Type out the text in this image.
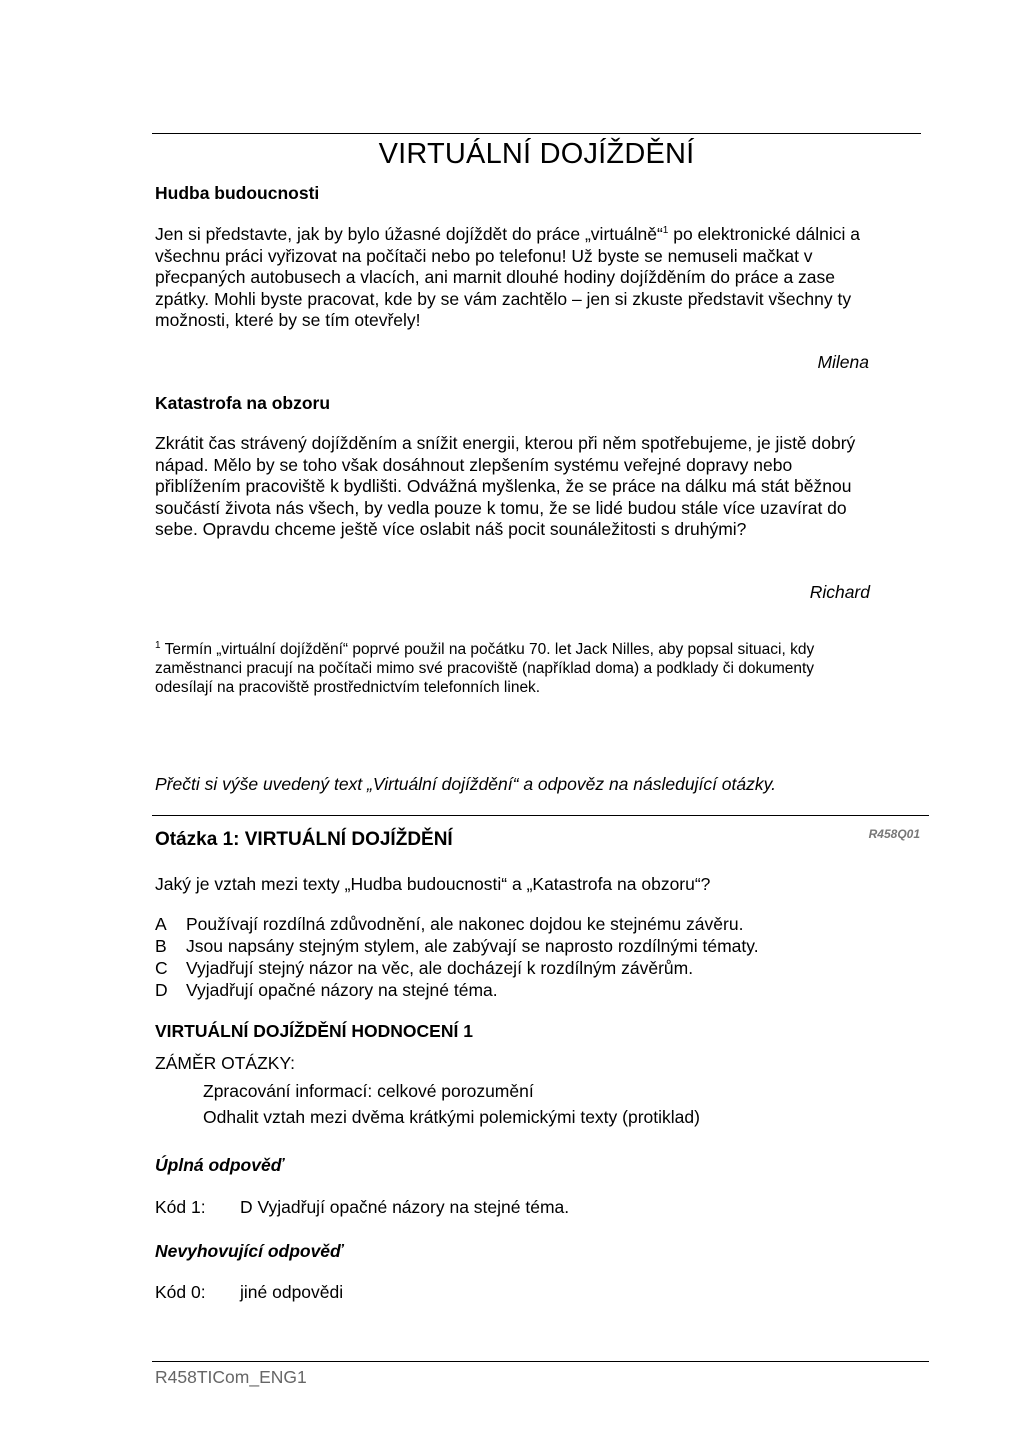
VIRTUÁLNÍ DOJÍŽDĚNÍ
Hudba budoucnosti

Jen si představte, jak by bylo úžasné dojíždět do práce „virtuálně“$^1$ po elektronické dálnici a všechnu práci vyřizovat na počítači nebo po telefonu! Už byste se nemuseli mačkat v přecpaných autobusech a vlacích, ani marnit dlouhé hodiny dojížděním do práce a zase zpátky. Mohli byste pracovat, kde by se vám zachtělo – jen si zkuste představit všechny ty možnosti, které by se tím otevřely!

Milena
Katastrofa na obzoru

Zkrátit čas strávený dojížděním a snížit energii, kterou při něm spotřebujeme, je jistě dobrý nápad. Mělo by se toho však dosáhnout zlepšením systému veřejné dopravy nebo přiblížením pracoviště k bydlišti. Odvážná myšlenka, že se práce na dálku má stát běžnou součástí života nás všech, by vedla pouze k tomu, že se lidé budou stále více uzavírat do sebe. Opravdu chceme ještě více oslabit náš pocit sounáležitosti s druhými?

Richard

$^1$ Termín „virtuální dojíždění“ poprvé použil na počátku 70. let Jack Nilles, aby popsal situaci, kdy zaměstnanci pracují na počítači mimo své pracoviště (například doma) a podklady či dokumenty odesílají na pracoviště prostřednictvím telefonních linek.

Přečti si výše uvedený text „Virtuální dojíždění“ a odpověz na následující otázky.
Otázka 1: VIRTUÁLNÍ DOJÍŽDĚNÍ	R458Q01
Jaký je vztah mezi texty „Hudba budoucnosti“ a „Katastrofa na obzoru“?
A	Používají rozdílná zdůvodnění, ale nakonec dojdou ke stejnému závěru.
B	Jsou napsány stejným stylem, ale zabývají se naprosto rozdílnými tématy.
C	Vyjadřují stejný názor na věc, ale docházejí k rozdílným závěrům.
D	Vyjadřují opačné názory na stejné téma.
VIRTUÁLNÍ DOJÍŽDĚNÍ HODNOCENÍ 1
ZÁMĚR OTÁZKY:
Zpracování informací: celkové porozumění
Odhalit vztah mezi dvěma krátkými polemickými texty (protiklad)
Úplná odpověď
Kód 1:	D Vyjadřují opačné názory na stejné téma.
Nevyhovující odpověď
Kód 0:	jiné odpovědi
R458TICom_ENG1
